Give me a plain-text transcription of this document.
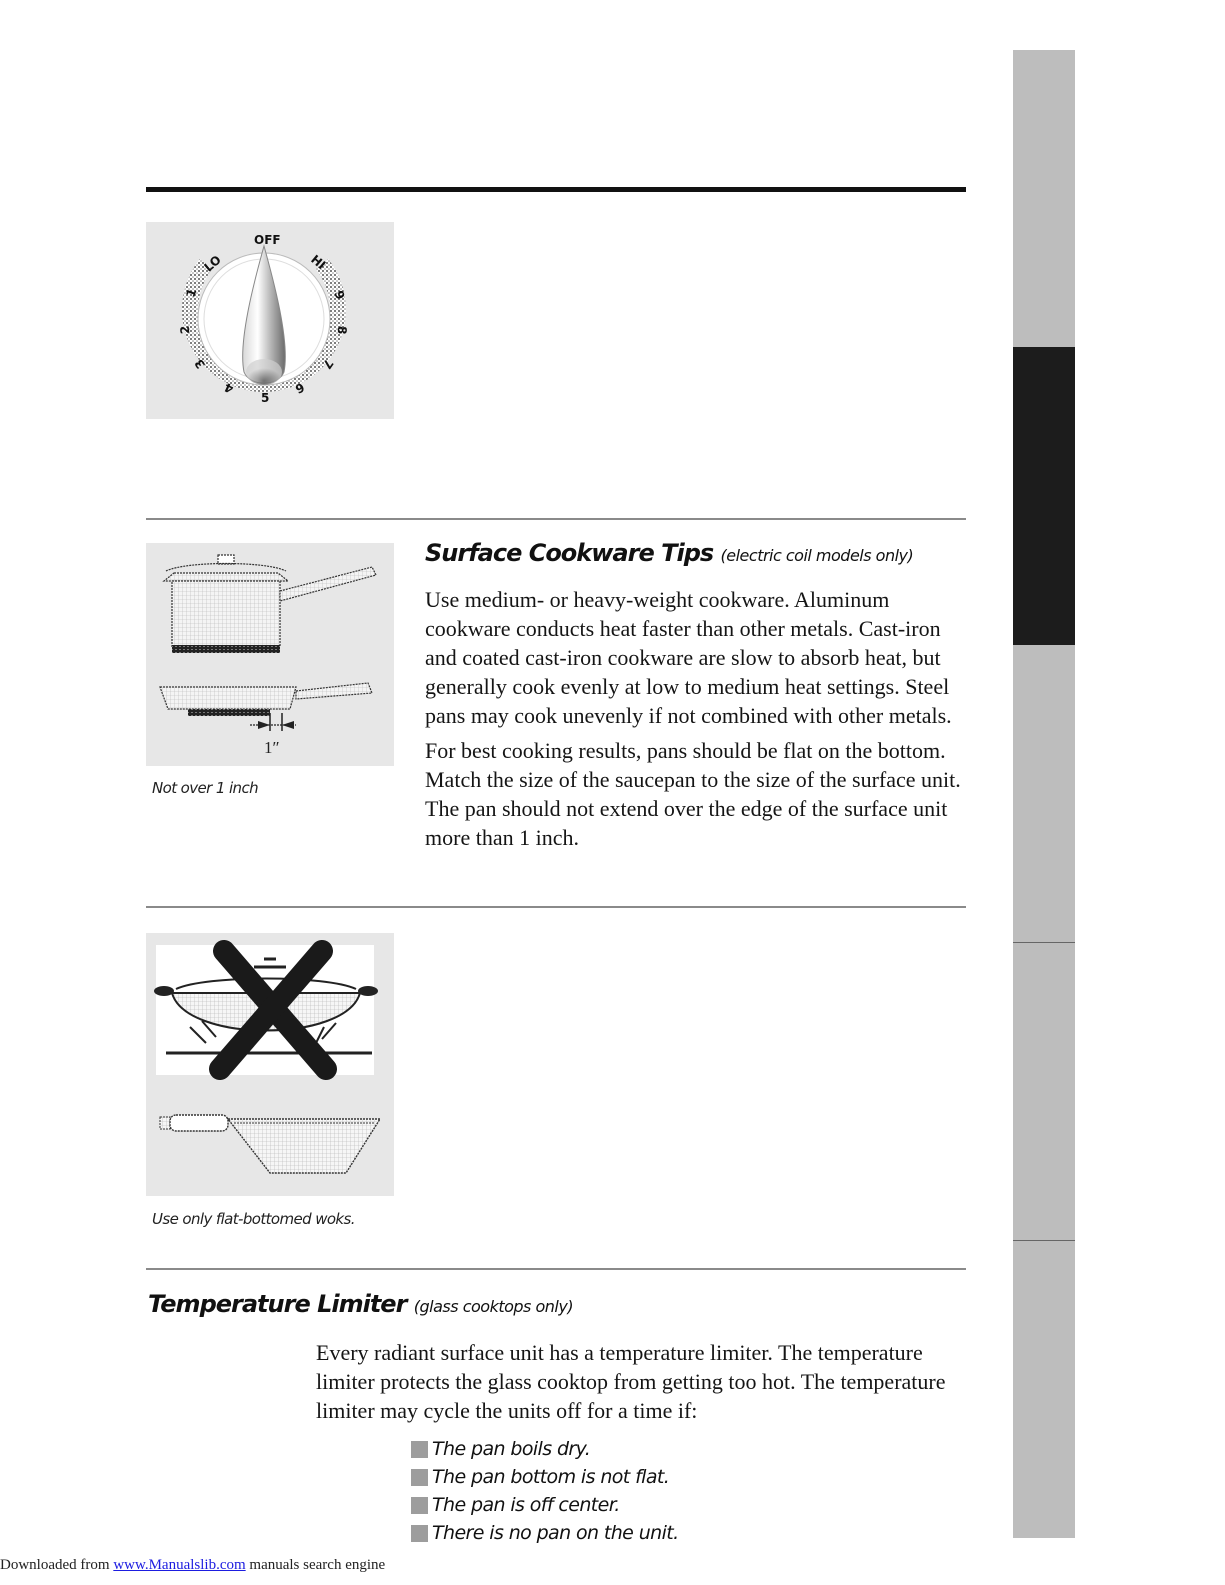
OFF
LO	HI
1
2
3
4
5
6
7
8
9
1″
Not over 1 inch
Surface Cookware Tips (electric coil models only)

Use medium- or heavy-weight cookware. Aluminum cookware conducts heat faster than other metals. Cast-iron and coated cast-iron cookware are slow to absorb heat, but generally cook evenly at low to medium heat settings. Steel pans may cook unevenly if not combined with other metals.

For best cooking results, pans should be flat on the bottom. Match the size of the saucepan to the size of the surface unit. The pan should not extend over the edge of the surface unit more than 1 inch.

Use only flat-bottomed woks.
Temperature Limiter (glass cooktops only)
Every radiant surface unit has a temperature limiter. The temperature limiter protects the glass cooktop from getting too hot. The temperature limiter may cycle the units off for a time if:
The pan boils dry.
The pan bottom is not flat.
The pan is off center.
There is no pan on the unit.
Downloaded from www.Manualslib.com manuals search engine
